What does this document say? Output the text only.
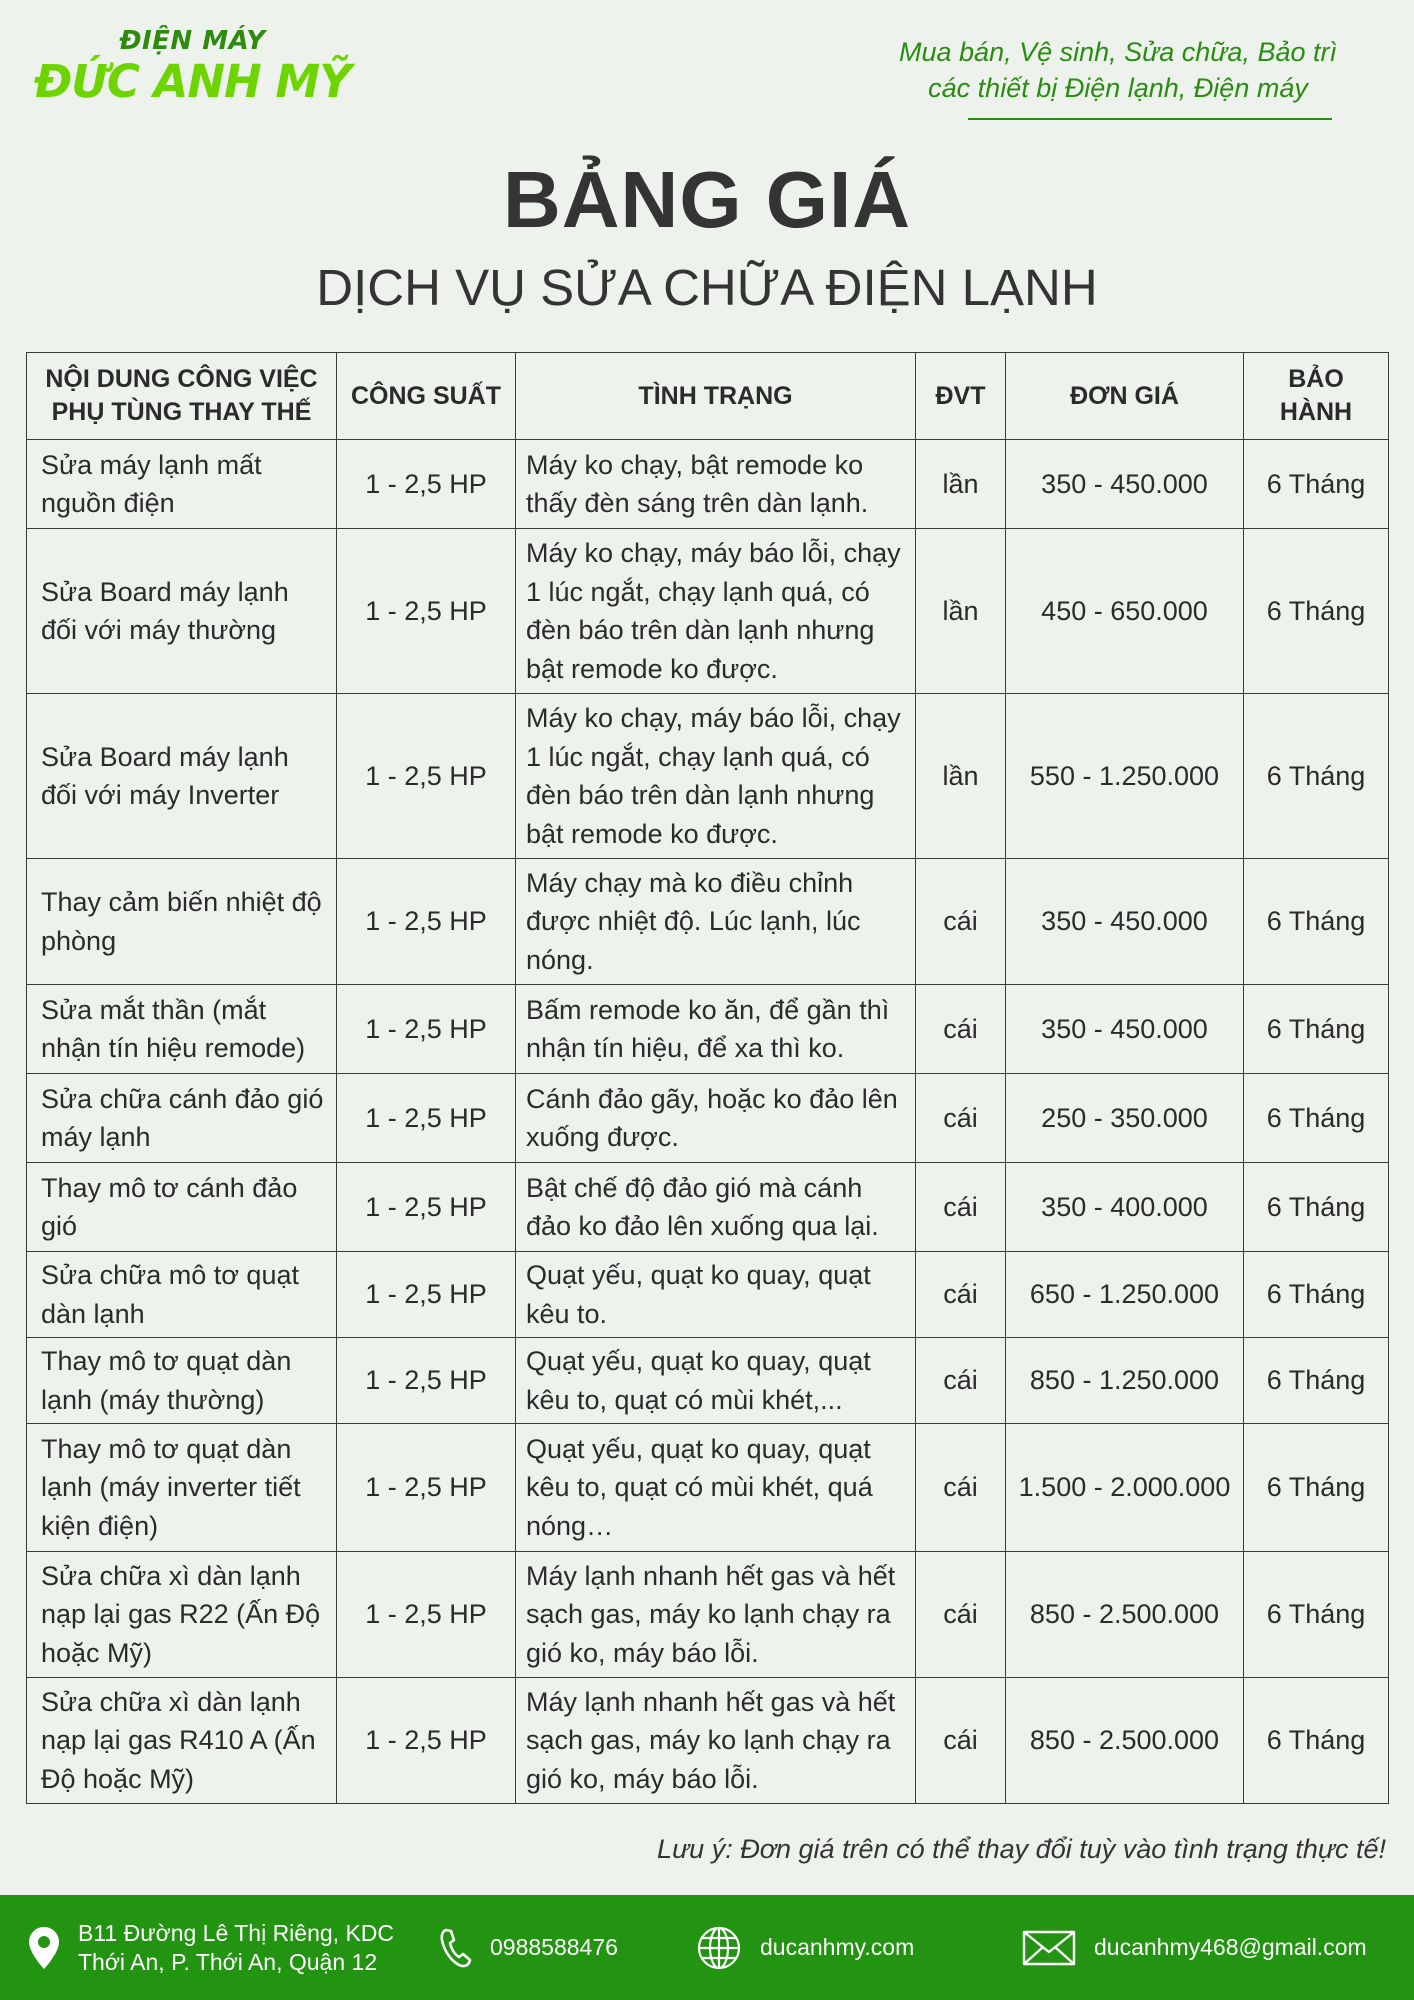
ĐIỆN MÁY
ĐỨC ANH MỸ
Mua bán, Vệ sinh, Sửa chữa, Bảo trì
các thiết bị Điện lạnh, Điện máy
BẢNG GIÁ
DỊCH VỤ SỬA CHỮA ĐIỆN LẠNH
NỘI DUNG CÔNG VIỆC
PHỤ TÙNG THAY THẾ	CÔNG SUẤT	TÌNH TRẠNG	ĐVT	ĐƠN GIÁ	BẢO HÀNH
Sửa máy lạnh mất nguồn điện	1 - 2,5 HP	Máy ko chạy, bật remode ko thấy đèn sáng trên dàn lạnh.	lần	350 - 450.000	6 Tháng
Sửa Board máy lạnh đối với máy thường	1 - 2,5 HP	Máy ko chạy, máy báo lỗi, chạy 1 lúc ngắt, chạy lạnh quá, có đèn báo trên dàn lạnh nhưng bật remode ko được.	lần	450 - 650.000	6 Tháng
Sửa Board máy lạnh đối với máy Inverter	1 - 2,5 HP	Máy ko chạy, máy báo lỗi, chạy 1 lúc ngắt, chạy lạnh quá, có đèn báo trên dàn lạnh nhưng bật remode ko được.	lần	550 - 1.250.000	6 Tháng
Thay cảm biến nhiệt độ phòng	1 - 2,5 HP	Máy chạy mà ko điều chỉnh được nhiệt độ. Lúc lạnh, lúc nóng.	cái	350 - 450.000	6 Tháng
Sửa mắt thần (mắt nhận tín hiệu remode)	1 - 2,5 HP	Bấm remode ko ăn, để gần thì nhận tín hiệu, để xa thì ko.	cái	350 - 450.000	6 Tháng
Sửa chữa cánh đảo gió máy lạnh	1 - 2,5 HP	Cánh đảo gãy, hoặc ko đảo lên xuống được.	cái	250 - 350.000	6 Tháng
Thay mô tơ cánh đảo gió	1 - 2,5 HP	Bật chế độ đảo gió mà cánh đảo ko đảo lên xuống qua lại.	cái	350 - 400.000	6 Tháng
Sửa chữa mô tơ quạt dàn lạnh	1 - 2,5 HP	Quạt yếu, quạt ko quay, quạt kêu to.	cái	650 - 1.250.000	6 Tháng
Thay mô tơ quạt dàn lạnh (máy thường)	1 - 2,5 HP	Quạt yếu, quạt ko quay, quạt kêu to, quạt có mùi khét,...	cái	850 - 1.250.000	6 Tháng
Thay mô tơ quạt dàn lạnh (máy inverter tiết kiện điện)	1 - 2,5 HP	Quạt yếu, quạt ko quay, quạt kêu to, quạt có mùi khét, quá nóng…	cái	1.500 - 2.000.000	6 Tháng
Sửa chữa xì dàn lạnh nạp lại gas R22 (Ấn Độ hoặc Mỹ)	1 - 2,5 HP	Máy lạnh nhanh hết gas và hết sạch gas, máy ko lạnh chạy ra gió ko, máy báo lỗi.	cái	850 - 2.500.000	6 Tháng
Sửa chữa xì dàn lạnh nạp lại gas R410 A (Ấn Độ hoặc Mỹ)	1 - 2,5 HP	Máy lạnh nhanh hết gas và hết sạch gas, máy ko lạnh chạy ra gió ko, máy báo lỗi.	cái	850 - 2.500.000	6 Tháng
Lưu ý: Đơn giá trên có thể thay đổi tuỳ vào tình trạng thực tế!
B11 Đường Lê Thị Riêng, KDC
Thới An, P. Thới An, Quận 12
0988588476	ducanhmy.com	ducanhmy468@gmail.com
